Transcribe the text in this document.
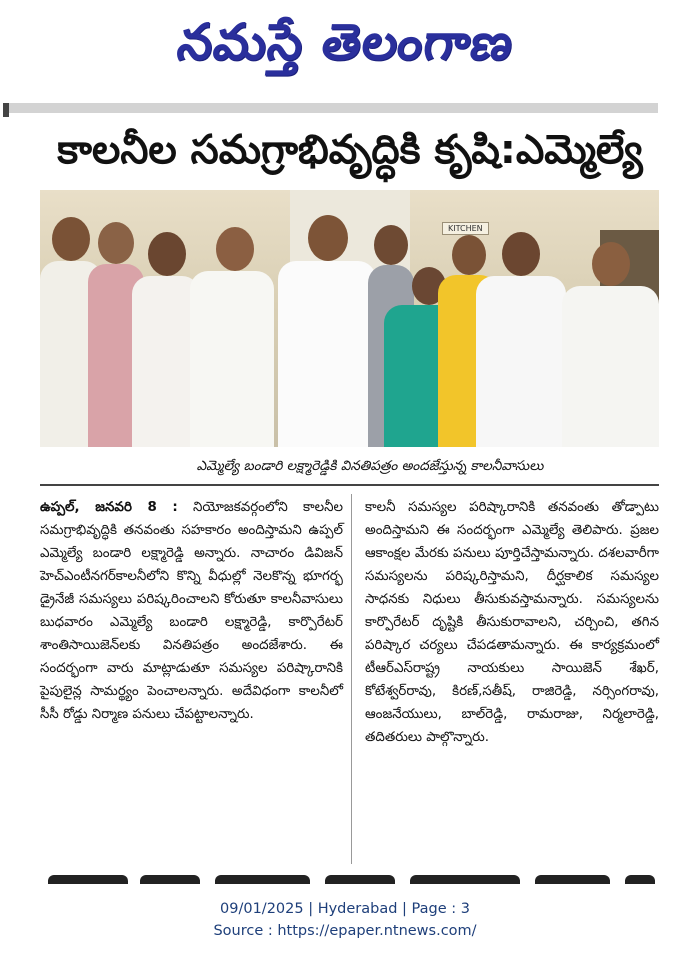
నమస్తే తెలంగాణ
కాలనీల సమగ్రాభివృద్ధికి కృషి:ఎమ్మెల్యే
KITCHEN
ఎమ్మెల్యే బండారి లక్ష్మారెడ్డికి వినతిపత్రం అందజేస్తున్న కాలనీవాసులు

ఉప్పల్, జనవరి 8 : నియోజకవర్గంలోని కాలనీల సమగ్రాభివృద్ధికి తనవంతు సహకారం అందిస్తామని ఉప్పల్ ఎమ్మెల్యే బండారి లక్ష్మారెడ్డి అన్నారు. నాచారం డివిజన్ హెచ్ఎంటీనగర్‌కాలనీలోని కొన్ని వీధుల్లో నెలకొన్న భూగర్భ డ్రైనేజీ సమస్యలు పరిష్కరించాలని కోరుతూ కాలనీవాసులు బుధవారం ఎమ్మెల్యే బండారి లక్ష్మారెడ్డి, కార్పొరేటర్ శాంతిసాయిజెన్‌లకు వినతిపత్రం అందజేశారు. ఈ సందర్భంగా వారు మాట్లాడుతూ సమస్యల పరిష్కారానికి పైపులైన్ల సామర్థ్యం పెంచాలన్నారు. అదేవిధంగా కాలనీలో సీసీ రోడ్డు నిర్మాణ పనులు చేపట్టాలన్నారు.

కాలనీ సమస్యల పరిష్కారానికి తనవంతు తోడ్పాటు అందిస్తామని ఈ సందర్భంగా ఎమ్మెల్యే తెలిపారు. ప్రజల ఆకాంక్షల మేరకు పనులు పూర్తిచేస్తామన్నారు. దశలవారీగా సమస్యలను పరిష్కరిస్తామని, దీర్ఘకాలిక సమస్యల సాధనకు నిధులు తీసుకువస్తామన్నారు. సమస్యలను కార్పొరేటర్ దృష్టికి తీసుకురావాలని, చర్చించి, తగిన పరిష్కార చర్యలు చేపడతామన్నారు. ఈ కార్యక్రమంలో టీఆర్ఎస్‌రాష్ట్ర నాయకులు సాయిజెన్ శేఖర్, కోటేశ్వర్‌రావు, కిరణ్,సతీష్, రాజిరెడ్డి, నర్సింగరావు, ఆంజనేయులు, బాల్‌రెడ్డి, రామరాజు, నిర్మలారెడ్డి, తదితరులు పాల్గొన్నారు.

09/01/2025 | Hyderabad | Page : 3
Source : https://epaper.ntnews.com/
